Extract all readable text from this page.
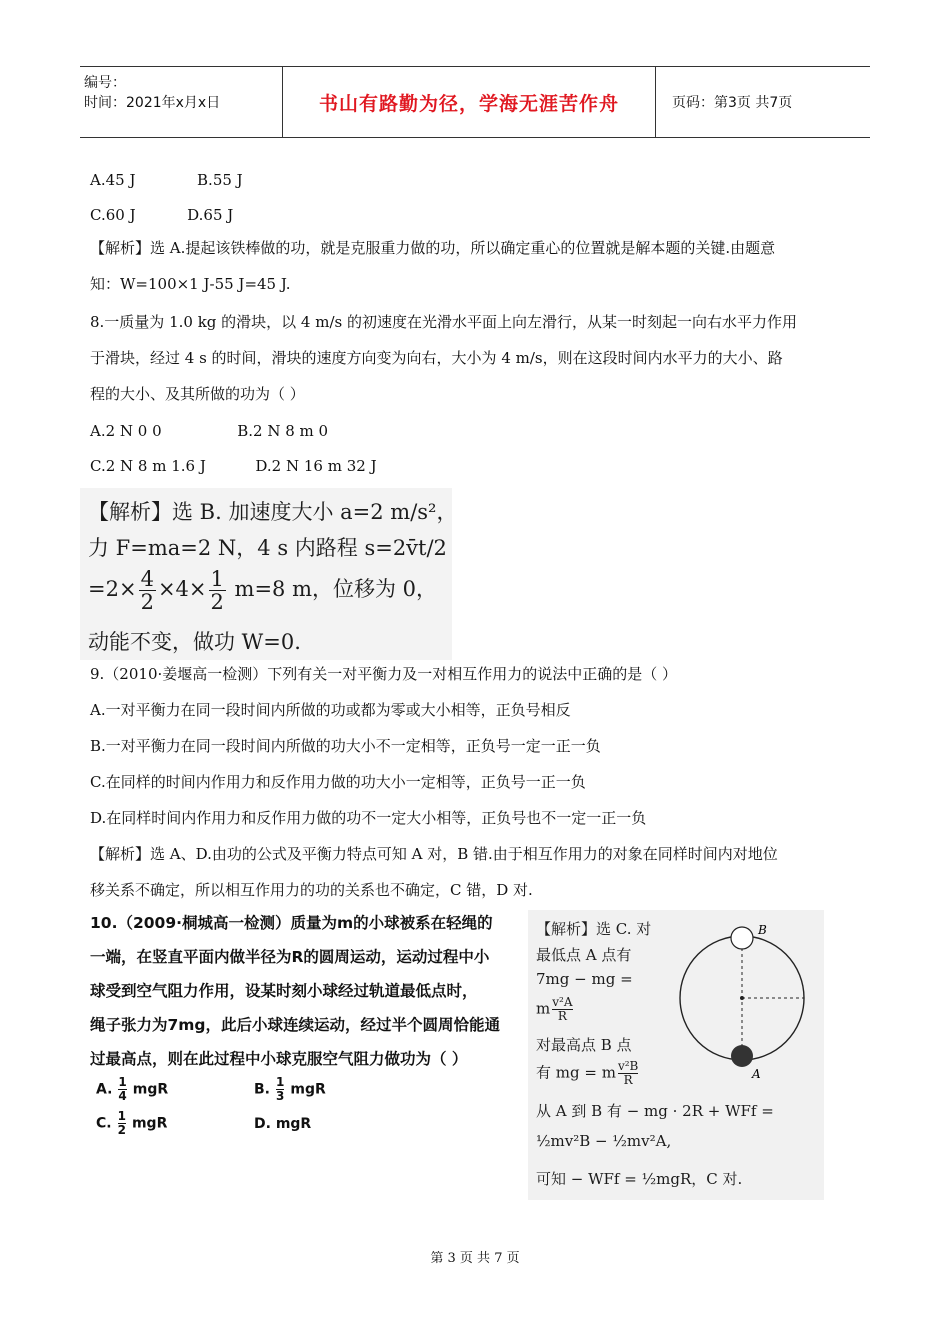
编号：
时间：2021年x月x日	书山有路勤为径，学海无涯苦作舟	页码：第3页 共7页
A.45 J	B.55 J
C.60 J	D.65 J
【解析】选 A.提起该铁棒做的功，就是克服重力做的功，所以确定重心的位置就是解本题的关键.由题意
知：W=100×1 J-55 J=45 J.
8.一质量为 1.0 kg 的滑块，以 4 m/s 的初速度在光滑水平面上向左滑行，从某一时刻起一向右水平力作用
于滑块，经过 4 s 的时间，滑块的速度方向变为向右，大小为 4 m/s，则在这段时间内水平力的大小、路
程的大小、及其所做的功为（ ）
A.2 N 0 0	B.2 N 8 m 0
C.2 N 8 m 1.6 J	D.2 N 16 m 32 J
【解析】选 B. 加速度大小 a=2 m/s²，
力 F=ma=2 N，4 s 内路程 s=2v̄t/2
$=2\times \frac{4}{2} \times 4\times \frac{1}{2} m=8$ m，位移为 0，
动能不变，做功 W=0.
9.（2010·姜堰高一检测）下列有关一对平衡力及一对相互作用力的说法中正确的是（ ）
A.一对平衡力在同一段时间内所做的功或都为零或大小相等，正负号相反
B.一对平衡力在同一段时间内所做的功大小不一定相等，正负号一定一正一负
C.在同样的时间内作用力和反作用力做的功大小一定相等，正负号一正一负
D.在同样时间内作用力和反作用力做的功不一定大小相等，正负号也不一定一正一负
【解析】选 A、D.由功的公式及平衡力特点可知 A 对，B 错.由于相互作用力的对象在同样时间内对地位
移关系不确定，所以相互作用力的功的关系也不确定，C 错，D 对.
10.（2009·桐城高一检测）质量为m的小球被系在轻绳的
一端，在竖直平面内做半径为R的圆周运动，运动过程中小
球受到空气阻力作用，设某时刻小球经过轨道最低点时，
绳子张力为7mg，此后小球连续运动，经过半个圆周恰能通
过最高点，则在此过程中小球克服空气阻力做功为（ ）
A. $\frac{1}{4}$ mgR	B. $\frac{1}{3}$ mgR
C. $\frac{1}{2}$ mgR	D. mgR
【解析】选 C. 对
最低点 A 点有
7mg − mg =
m $\frac{\text{v²A}}{R}$
对最高点 B 点
有 mg = m $\frac{\text{v²B}}{R}$
从 A 到 B 有 − mg · 2R + WFf =
½mv²B − ½mv²A,
可知 − WFf = ½mgR，C 对.
B
A
第 3 页 共 7 页
